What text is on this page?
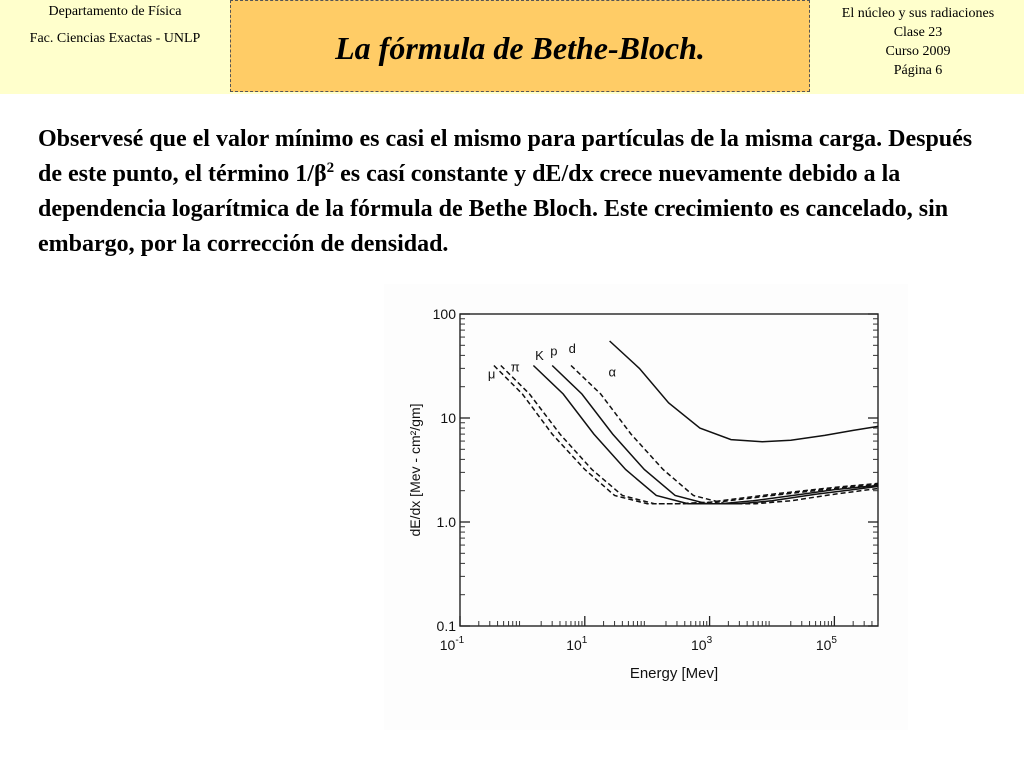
Departamento de Física
Fac. Ciencias Exactas - UNLP	La fórmula de Bethe-Bloch.
El núcleo y sus radiaciones
Clase 23
Curso 2009
Página 6
Observesé que el valor mínimo es casi el mismo para partículas de la misma carga. Después de este punto, el término $1/\beta^2$ es casí constante y dE/dx crece nuevamente debido a la dependencia logarítmica de la fórmula de Bethe Bloch. Este crecimiento es cancelado, sin embargo, por la corrección de densidad.
100
10
1.0
0.1
$10^{-1}$	$10^1$	$10^3$	$10^5$
Energy [Mev]
dE/dx [Mev - cm²/gm]
μ π
K p d
α
